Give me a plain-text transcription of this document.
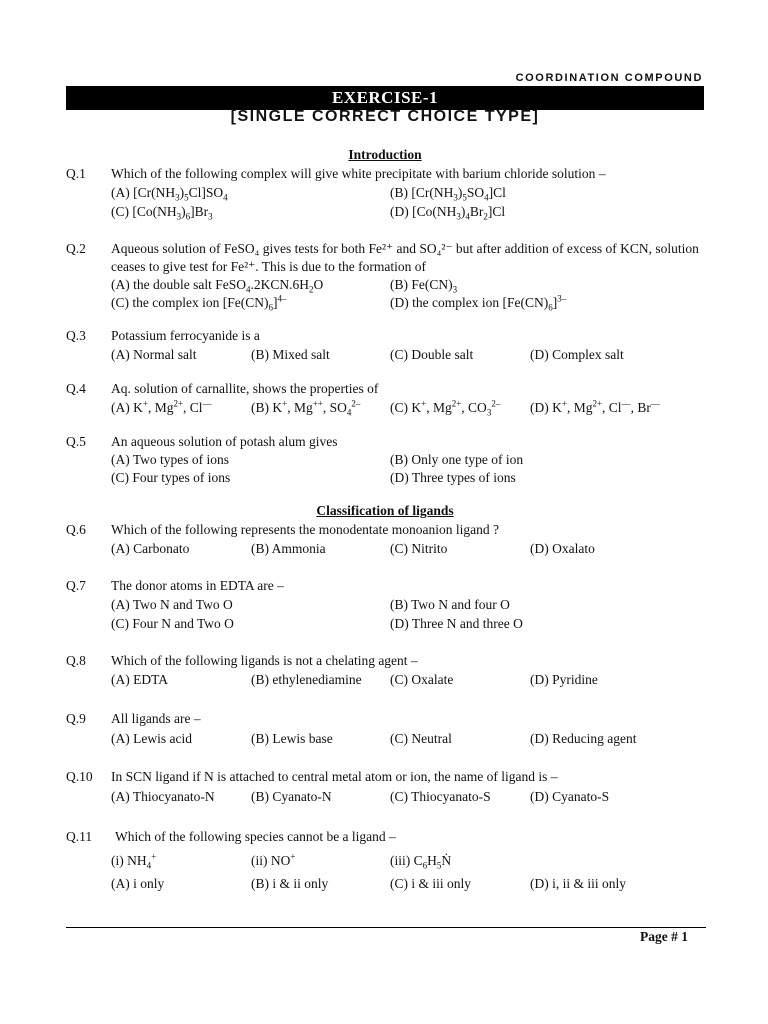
COORDINATION COMPOUND
EXERCISE-1
[SINGLE CORRECT CHOICE TYPE]
Introduction
Q.1	Which of the following complex will give white precipitate with barium chloride solution –
(A) $[Cr(NH_3)_5Cl]SO_4$	(B) $[Cr(NH_3)_5SO_4]Cl$
(C) $[Co(NH_3)_6]Br_3$	(D) $[Co(NH_3)_4Br_2]Cl$
Q.2	Aqueous solution of FeSO₄ gives tests for both Fe²⁺ and SO₄²⁻ but after addition of excess of KCN, solution ceases to give test for Fe²⁺. This is due to the formation of
(A) the double salt $FeSO_4.2KCN.6H_2O$	(B) $Fe(CN)_3$
(C) the complex ion $[Fe(CN)_6]^{4-}$	(D) the complex ion $[Fe(CN)_6]^{3-}$
Q.3	Potassium ferrocyanide is a
(A) Normal salt	(B) Mixed salt	(C) Double salt	(D) Complex salt
Q.4	Aq. solution of carnallite, shows the properties of
(A) K+, $Mg^{2+}$, Cl—	(B) K+, Mg++, $SO_4^{2-}$ (C) K+, $Mg^{2+}$, $CO_3^{2-}$ (D) K+, $Mg^{2+}$, Cl—, Br—
Q.5	An aqueous solution of potash alum gives
(A) Two types of ions	(B) Only one type of ion
(C) Four types of ions	(D) Three types of ions
Classification of ligands
Q.6	Which of the following represents the monodentate monoanion ligand ?
(A) Carbonato	(B) Ammonia	(C) Nitrito	(D) Oxalato
Q.7	The donor atoms in EDTA are –
(A) Two N and Two O	(B) Two N and four O
(C) Four N and Two O	(D) Three N and three O
Q.8	Which of the following ligands is not a chelating agent –
(A) EDTA	(B) ethylenediamine (C) Oxalate	(D) Pyridine
Q.9	All ligands are –
(A) Lewis acid	(B) Lewis base	(C) Neutral	(D) Reducing agent
Q.10	In SCN ligand if N is attached to central metal atom or ion, the name of ligand is –
(A) Thiocyanato-N	(B) Cyanato-N	(C) Thiocyanato-S	(D) Cyanato-S
Q.11	Which of the following species cannot be a ligand –
(i) $NH_4^+$	(ii) NO+	(iii) $C_6H_5Ṅ$
(A) i only	(B) i & ii only	(C) i & iii only	(D) i, ii & iii only
Page # 1
